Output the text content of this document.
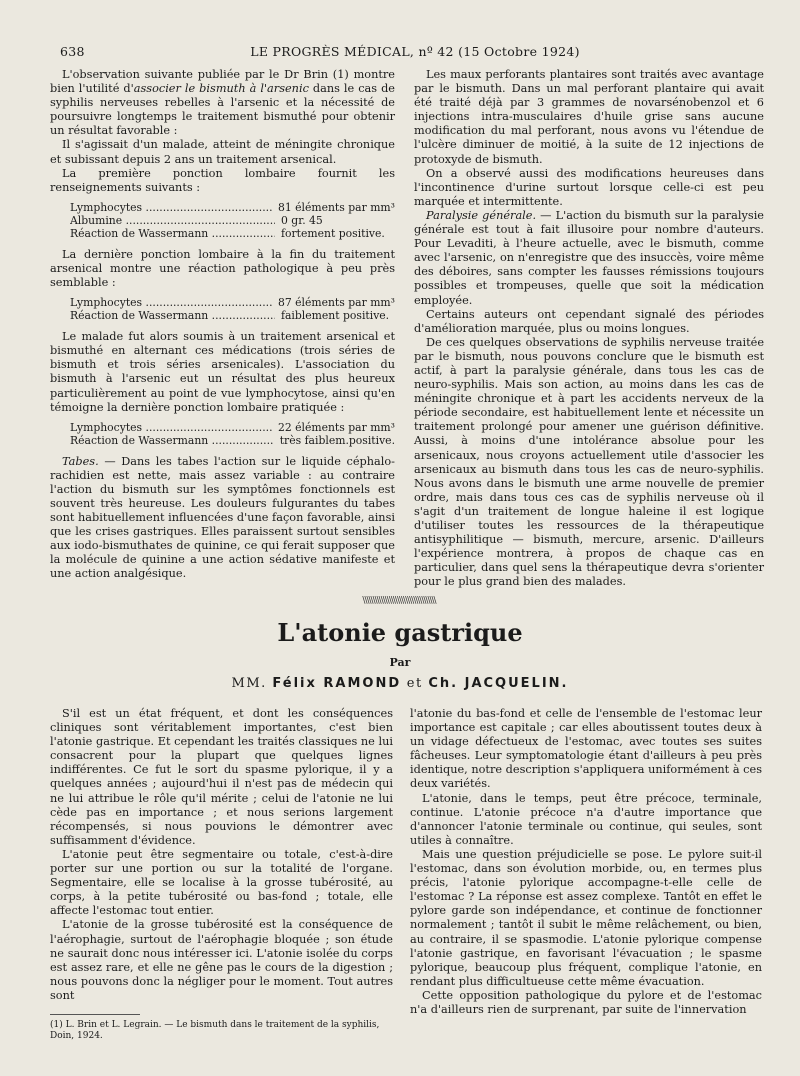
638	LE PROGRÈS MÉDICAL, nº 42 (15 Octobre 1924)

L'observation suivante publiée par le Dr Brin (1) montre bien l'utilité d'associer le bismuth à l'arsenic dans le cas de syphilis nerveuses rebelles à l'arsenic et la nécessité de poursuivre longtemps le traitement bismuthé pour obtenir un résultat favorable :

Il s'agissait d'un malade, atteint de méningite chronique et subissant depuis 2 ans un traitement arsenical.

La première ponction lombaire fournit les renseignements suivants :

Lymphocytes .....	81 éléments par mm³
Albumine .....	0 gr. 45
Réaction de Wassermann .....	fortement positive.

La dernière ponction lombaire à la fin du traitement arsenical montre une réaction pathologique à peu près semblable :

Lymphocytes .....	87 éléments par mm³
Réaction de Wassermann .....	faiblement positive.

Le malade fut alors soumis à un traitement arsenical et bismuthé en alternant ces médications (trois séries de bismuth et trois séries arsenicales). L'association du bismuth à l'arsenic eut un résultat des plus heureux particulièrement au point de vue lymphocytose, ainsi qu'en témoigne la dernière ponction lombaire pratiquée :

Lymphocytes .....	22 éléments par mm³
Réaction de Wassermann .....	très faiblem.positive.

Tabes. — Dans les tabes l'action sur le liquide céphalo-rachidien est nette, mais assez variable : au contraire l'action du bismuth sur les symptômes fonctionnels est souvent très heureuse. Les douleurs fulgurantes du tabes sont habituellement influencées d'une façon favorable, ainsi que les crises gastriques. Elles paraissent surtout sensibles aux iodo-bismuthates de quinine, ce qui ferait supposer que la molécule de quinine a une action sédative manifeste et une action analgésique.

Les maux perforants plantaires sont traités avec avantage par le bismuth. Dans un mal perforant plantaire qui avait été traité déjà par 3 grammes de novarsénobenzol et 6 injections intra-musculaires d'huile grise sans aucune modification du mal perforant, nous avons vu l'étendue de l'ulcère diminuer de moitié, à la suite de 12 injections de protoxyde de bismuth.

On a observé aussi des modifications heureuses dans l'incontinence d'urine surtout lorsque celle-ci est peu marquée et intermittente.

Paralysie générale. — L'action du bismuth sur la paralysie générale est tout à fait illusoire pour nombre d'auteurs. Pour Levaditi, à l'heure actuelle, avec le bismuth, comme avec l'arsenic, on n'enregistre que des insuccès, voire même des déboires, sans compter les fausses rémissions toujours possibles et trompeuses, quelle que soit la médication employée.

Certains auteurs ont cependant signalé des périodes d'amélioration marquée, plus ou moins longues.

De ces quelques observations de syphilis nerveuse traitée par le bismuth, nous pouvons conclure que le bismuth est actif, à part la paralysie générale, dans tous les cas de neuro-syphilis. Mais son action, au moins dans les cas de méningite chronique et à part les accidents nerveux de la période secondaire, est habituellement lente et nécessite un traitement prolongé pour amener une guérison définitive. Aussi, à moins d'une intolérance absolue pour les arsenicaux, nous croyons actuellement utile d'associer les arsenicaux au bismuth dans tous les cas de neuro-syphilis. Nous avons dans le bismuth une arme nouvelle de premier ordre, mais dans tous ces cas de syphilis nerveuse où il s'agit d'un traitement de longue haleine il est logique d'utiliser toutes les ressources de la thérapeutique antisyphilitique — bismuth, mercure, arsenic. D'ailleurs l'expérience montrera, à propos de chaque cas en particulier, dans quel sens la thérapeutique devra s'orienter pour le plus grand bien des malades.

\\\\\\\\\\\\\\\\\\\\\\\\\\\\\\\\\\\\
L'atonie gastrique
Par
MM. Félix RAMOND et Ch. JACQUELIN.

S'il est un état fréquent, et dont les conséquences cliniques sont véritablement importantes, c'est bien l'atonie gastrique. Et cependant les traités classiques ne lui consacrent pour la plupart que quelques lignes indifférentes. Ce fut le sort du spasme pylorique, il y a quelques années ; aujourd'hui il n'est pas de médecin qui ne lui attribue le rôle qu'il mérite ; celui de l'atonie ne lui cède pas en importance ; et nous serions largement récompensés, si nous pouvions le démontrer avec suffisamment d'évidence.

L'atonie peut être segmentaire ou totale, c'est-à-dire porter sur une portion ou sur la totalité de l'organe. Segmentaire, elle se localise à la grosse tubérosité, au corps, à la petite tubérosité ou bas-fond ; totale, elle affecte l'estomac tout entier.

L'atonie de la grosse tubérosité est la conséquence de l'aérophagie, surtout de l'aérophagie bloquée ; son étude ne saurait donc nous intéresser ici. L'atonie isolée du corps est assez rare, et elle ne gêne pas le cours de la digestion ; nous pouvons donc la négliger pour le moment. Tout autres sont

l'atonie du bas-fond et celle de l'ensemble de l'estomac leur importance est capitale ; car elles aboutissent toutes deux à un vidage défectueux de l'estomac, avec toutes ses suites fâcheuses. Leur symptomatologie étant d'ailleurs à peu près identique, notre description s'appliquera uniformément à ces deux variétés.

L'atonie, dans le temps, peut être précoce, terminale, continue. L'atonie précoce n'a d'autre importance que d'annoncer l'atonie terminale ou continue, qui seules, sont utiles à connaître.

Mais une question préjudicielle se pose. Le pylore suit-il l'estomac, dans son évolution morbide, ou, en termes plus précis, l'atonie pylorique accompagne-t-elle celle de l'estomac ? La réponse est assez complexe. Tantôt en effet le pylore garde son indépendance, et continue de fonctionner normalement ; tantôt il subit le même relâchement, ou bien, au contraire, il se spasmodie. L'atonie pylorique compense l'atonie gastrique, en favorisant l'évacuation ; le spasme pylorique, beaucoup plus fréquent, complique l'atonie, en rendant plus difficultueuse cette même évacuation.

Cette opposition pathologique du pylore et de l'estomac n'a d'ailleurs rien de surprenant, par suite de l'innervation

(1) L. Brin et L. Legrain. — Le bismuth dans le traitement de la syphilis, Doin, 1924.
